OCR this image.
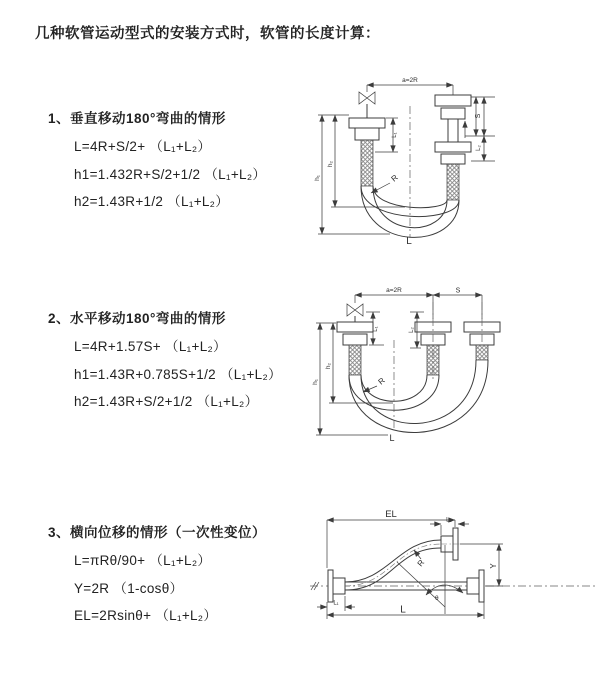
几种软管运动型式的安装方式时，软管的长度计算：
1、垂直移动180°弯曲的情形
L=4R+S/2+ （L₁+L₂）
h1=1.432R+S/2+1/2 （L₁+L₂）
h2=1.43R+1/2 （L₁+L₂）
2、水平移动180°弯曲的情形
L=4R+1.57S+ （L₁+L₂）
h1=1.43R+0.785S+1/2 （L₁+L₂）
h2=1.43R+S/2+1/2 （L₁+L₂）
3、横向位移的情形（一次性变位）
L=πRθ/90+ （L₁+L₂）
Y=2R （1-cosθ）
EL=2Rsinθ+ （L₁+L₂）
a=2R
h₁
h₂
L₁
S
L₂
R
L
a=2R	S
h₁
h₂
L₁	L₂
R
L
EL
L₂
Y
L
L₁
θ
R
